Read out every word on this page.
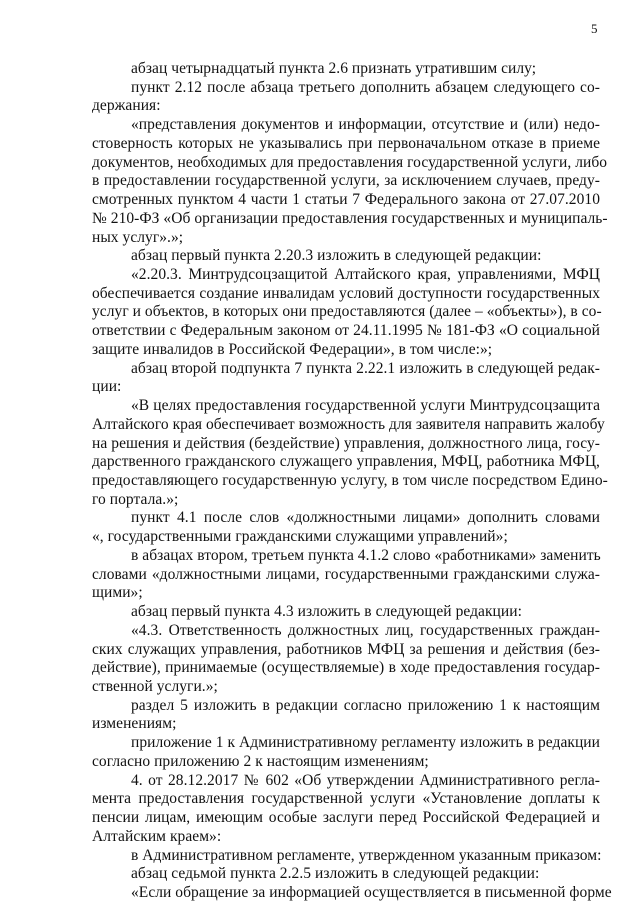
5
абзац четырнадцатый пункта 2.6 признать утратившим силу;
пункт 2.12 после абзаца третьего дополнить абзацем следующего со-
держания:
«представления документов и информации, отсутствие и (или) недо-
стоверность которых не указывались при первоначальном отказе в приеме
документов, необходимых для предоставления государственной услуги, либо
в предоставлении государственной услуги, за исключением случаев, преду-
смотренных пунктом 4 части 1 статьи 7 Федерального закона от 27.07.2010
№ 210-ФЗ «Об организации предоставления государственных и муниципаль-
ных услуг».»;
абзац первый пункта 2.20.3 изложить в следующей редакции:
«2.20.3. Минтрудсоцзащитой Алтайского края, управлениями, МФЦ
обеспечивается создание инвалидам условий доступности государственных
услуг и объектов, в которых они предоставляются (далее – «объекты»), в со-
ответствии с Федеральным законом от 24.11.1995 № 181-ФЗ «О социальной
защите инвалидов в Российской Федерации», в том числе:»;
абзац второй подпункта 7 пункта 2.22.1 изложить в следующей редак-
ции:
«В целях предоставления государственной услуги Минтрудсоцзащита
Алтайского края обеспечивает возможность для заявителя направить жалобу
на решения и действия (бездействие) управления, должностного лица, госу-
дарственного гражданского служащего управления, МФЦ, работника МФЦ,
предоставляющего государственную услугу, в том числе посредством Едино-
го портала.»;
пункт 4.1 после слов «должностными лицами» дополнить словами
«, государственными гражданскими служащими управлений»;
в абзацах втором, третьем пункта 4.1.2 слово «работниками» заменить
словами «должностными лицами, государственными гражданскими служа-
щими»;
абзац первый пункта 4.3 изложить в следующей редакции:
«4.3. Ответственность должностных лиц, государственных граждан-
ских служащих управления, работников МФЦ за решения и действия (без-
действие), принимаемые (осуществляемые) в ходе предоставления государ-
ственной услуги.»;
раздел 5 изложить в редакции согласно приложению 1 к настоящим
изменениям;
приложение 1 к Административному регламенту изложить в редакции
согласно приложению 2 к настоящим изменениям;
4. от 28.12.2017 № 602 «Об утверждении Административного регла-
мента предоставления государственной услуги «Установление доплаты к
пенсии лицам, имеющим особые заслуги перед Российской Федерацией и
Алтайским краем»:
в Административном регламенте, утвержденном указанным приказом:
абзац седьмой пункта 2.2.5 изложить в следующей редакции:
«Если обращение за информацией осуществляется в письменной форме
